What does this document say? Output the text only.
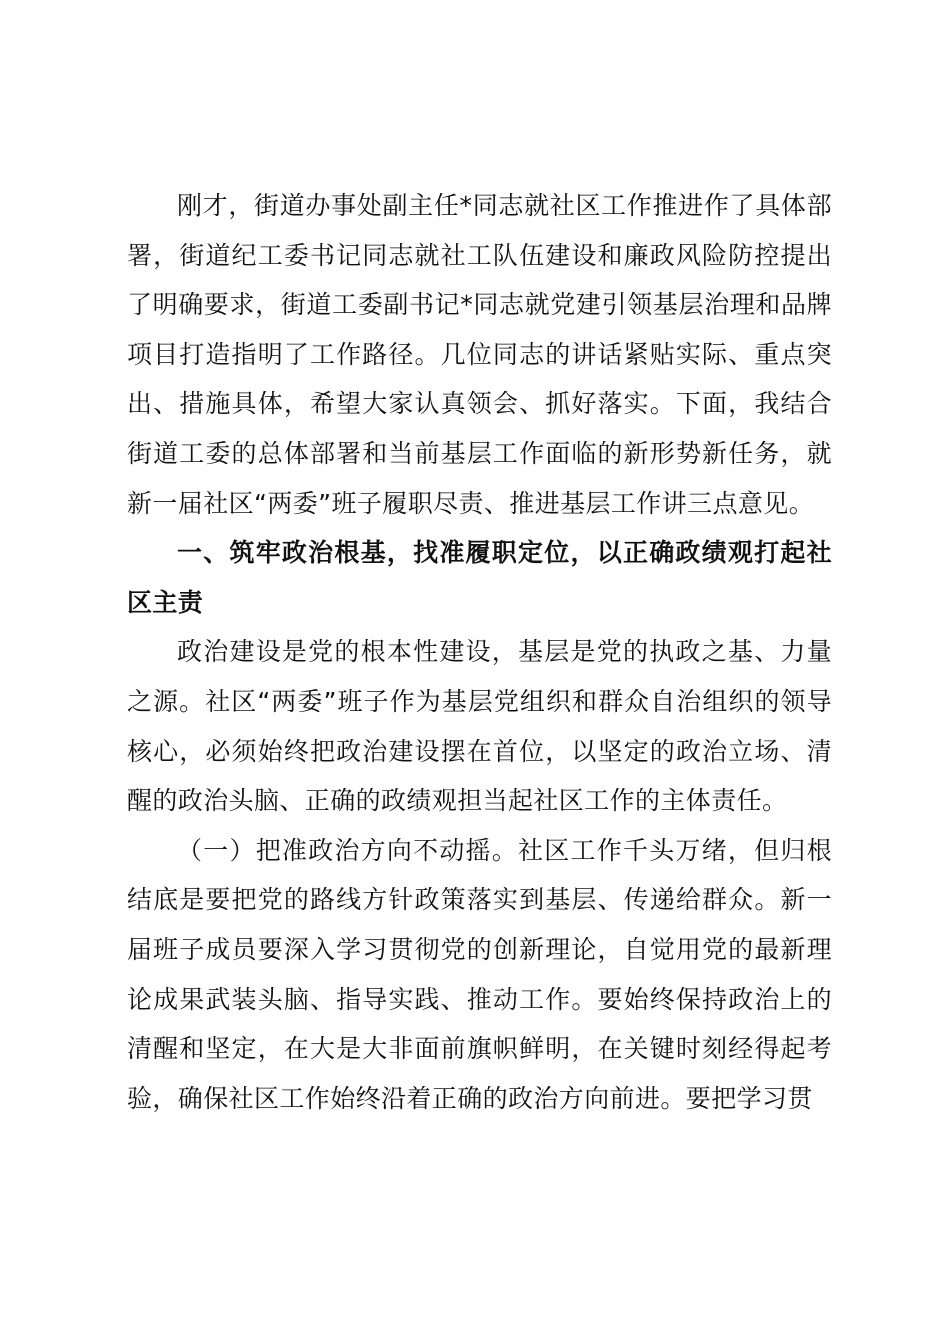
刚才，街道办事处副主任*同志就社区工作推进作了具体部署，街道纪工委书记同志就社工队伍建设和廉政风险防控提出了明确要求，街道工委副书记*同志就党建引领基层治理和品牌项目打造指明了工作路径。几位同志的讲话紧贴实际、重点突出、措施具体，希望大家认真领会、抓好落实。下面，我结合街道工委的总体部署和当前基层工作面临的新形势新任务，就新一届社区“两委”班子履职尽责、推进基层工作讲三点意见。

一、筑牢政治根基，找准履职定位，以正确政绩观打起社区主责

政治建设是党的根本性建设，基层是党的执政之基、力量之源。社区“两委”班子作为基层党组织和群众自治组织的领导核心，必须始终把政治建设摆在首位，以坚定的政治立场、清醒的政治头脑、正确的政绩观担当起社区工作的主体责任。

（一）把准政治方向不动摇。社区工作千头万绪，但归根结底是要把党的路线方针政策落实到基层、传递给群众。新一届班子成员要深入学习贯彻党的创新理论，自觉用党的最新理论成果武装头脑、指导实践、推动工作。要始终保持政治上的清醒和坚定，在大是大非面前旗帜鲜明，在关键时刻经得起考验，确保社区工作始终沿着正确的政治方向前进。要把学习贯
